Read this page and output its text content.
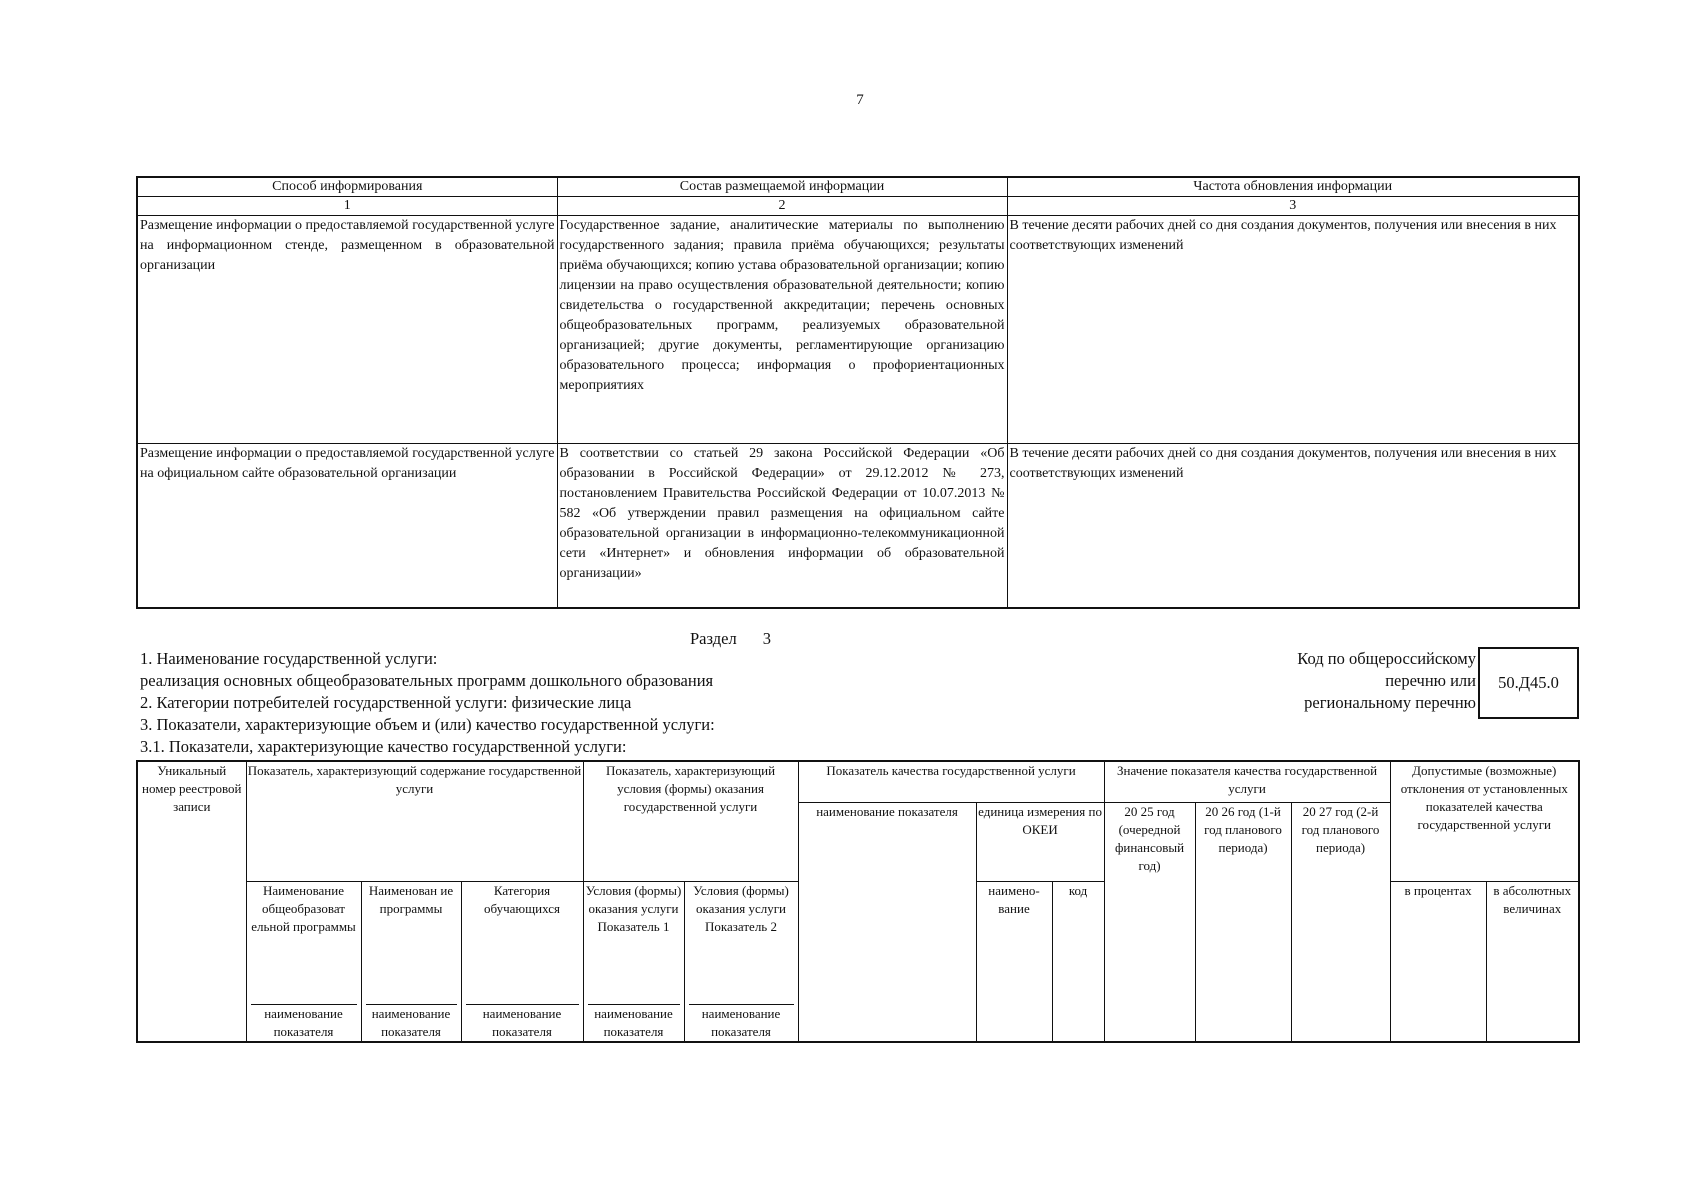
7
Способ информирования	Состав размещаемой информации	Частота обновления информации
1	2	3
Размещение информации о предоставляемой государственной услуге на информационном стенде, размещенном в образовательной организации	Государственное задание, аналитические материалы по выполнению государственного задания; правила приёма обучающихся; результаты приёма обучающихся; копию устава образовательной организации; копию лицензии на право осуществления образовательной деятельности; копию свидетельства о государственной аккредитации; перечень основных общеобразовательных программ, реализуемых образовательной организацией; другие документы, регламентирующие организацию образовательного процесса; информация о профориентационных мероприятиях	В течение десяти рабочих дней со дня создания документов, получения или внесения в них соответствующих изменений
Размещение информации о предоставляемой государственной услуге на официальном сайте образовательной организации	В соответствии со статьей 29 закона Российской Федерации «Об образовании в Российской Федерации» от 29.12.2012 № 273, постановлением Правительства Российской Федерации от 10.07.2013 № 582 «Об утверждении правил размещения на официальном сайте образовательной организации в информационно-телекоммуникационной сети «Интернет» и обновления информации об образовательной организации»	В течение десяти рабочих дней со дня создания документов, получения или внесения в них соответствующих изменений
Раздел 3
1. Наименование государственной услуги:
реализация основных общеобразовательных программ дошкольного образования
2. Категории потребителей государственной услуги: физические лица
3. Показатели, характеризующие объем и (или) качество государственной услуги:
3.1. Показатели, характеризующие качество государственной услуги:
Код по общероссийскому
перечню или
региональному перечню
50.Д45.0
Уникальный номер реестровой записи	Показатель, характеризующий содержание государственной услуги			Показатель, характеризующий условия (формы) оказания государственной услуги		Показатель качества государственной услуги			Значение показателя качества государственной услуги			Допустимые (возможные) отклонения от установленных показателей качества государственной услуги	
						наименование показателя	единица измерения по ОКЕИ		20 25 год (очередной финансовый год)	20 26 год (1-й год планового периода)	20 27 год (2-й год планового периода)		
	Наименование общеобразоват ельной программы	Наименован ие программы	Категория обучающихся	Условия (формы) оказания услуги Показатель 1	Условия (формы) оказания услуги Показатель 2		наимено-вание	код				в процентах	в абсолютных величинах

	наименование показателя	наименование показателя	наименование показателя	наименование показателя	наименование показателя								
